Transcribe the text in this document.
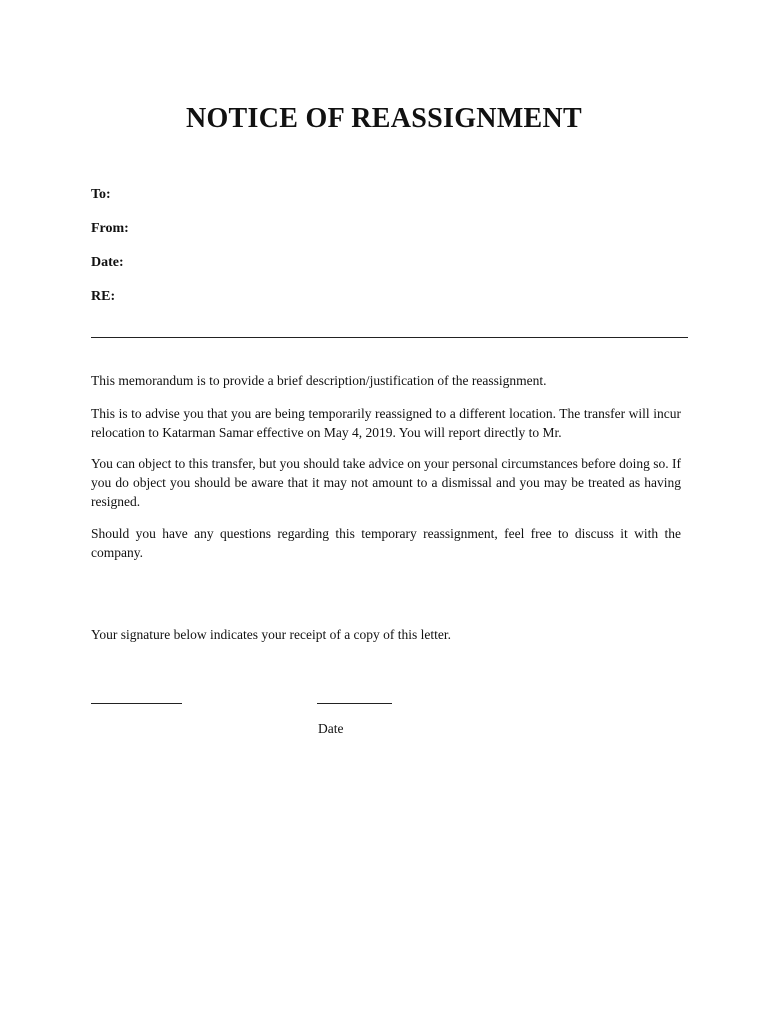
NOTICE OF REASSIGNMENT
To:
From:
Date:
RE:

This memorandum is to provide a brief description/justification of the reassignment.

This is to advise you that you are being temporarily reassigned to a different location. The transfer will incur relocation to Katarman Samar effective on May 4, 2019. You will report directly to Mr.

You can object to this transfer, but you should take advice on your personal circumstances before doing so. If you do object you should be aware that it may not amount to a dismissal and you may be treated as having resigned.

Should you have any questions regarding this temporary reassignment, feel free to discuss it with the company.

Your signature below indicates your receipt of a copy of this letter.

Date
